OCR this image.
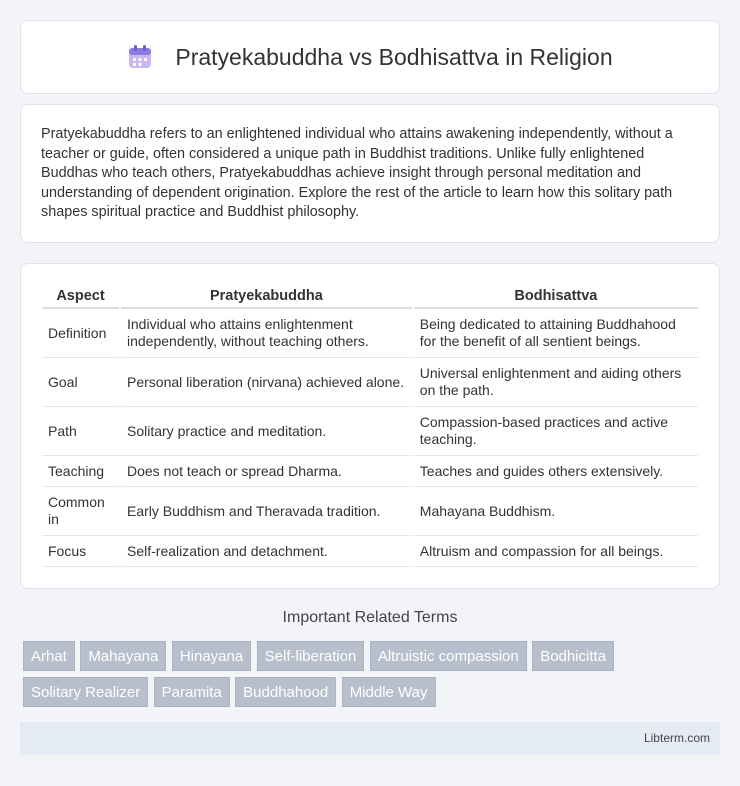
Pratyekabuddha vs Bodhisattva in Religion

Pratyekabuddha refers to an enlightened individual who attains awakening independently, without a teacher or guide, often considered a unique path in Buddhist traditions. Unlike fully enlightened Buddhas who teach others, Pratyekabuddhas achieve insight through personal meditation and understanding of dependent origination. Explore the rest of the article to learn how this solitary path shapes spiritual practice and Buddhist philosophy.

Aspect	Pratyekabuddha	Bodhisattva
Definition	Individual who attains enlightenment independently, without teaching others.	Being dedicated to attaining Buddhahood for the benefit of all sentient beings.
Goal	Personal liberation (nirvana) achieved alone.	Universal enlightenment and aiding others on the path.
Path	Solitary practice and meditation.	Compassion-based practices and active teaching.
Teaching	Does not teach or spread Dharma.	Teaches and guides others extensively.
Common in	Early Buddhism and Theravada tradition.	Mahayana Buddhism.
Focus	Self-realization and detachment.	Altruism and compassion for all beings.
Important Related Terms
Arhat Mahayana Hinayana Self-liberation Altruistic compassion Bodhicitta Solitary Realizer Paramita Buddhahood Middle Way
Libterm.com
